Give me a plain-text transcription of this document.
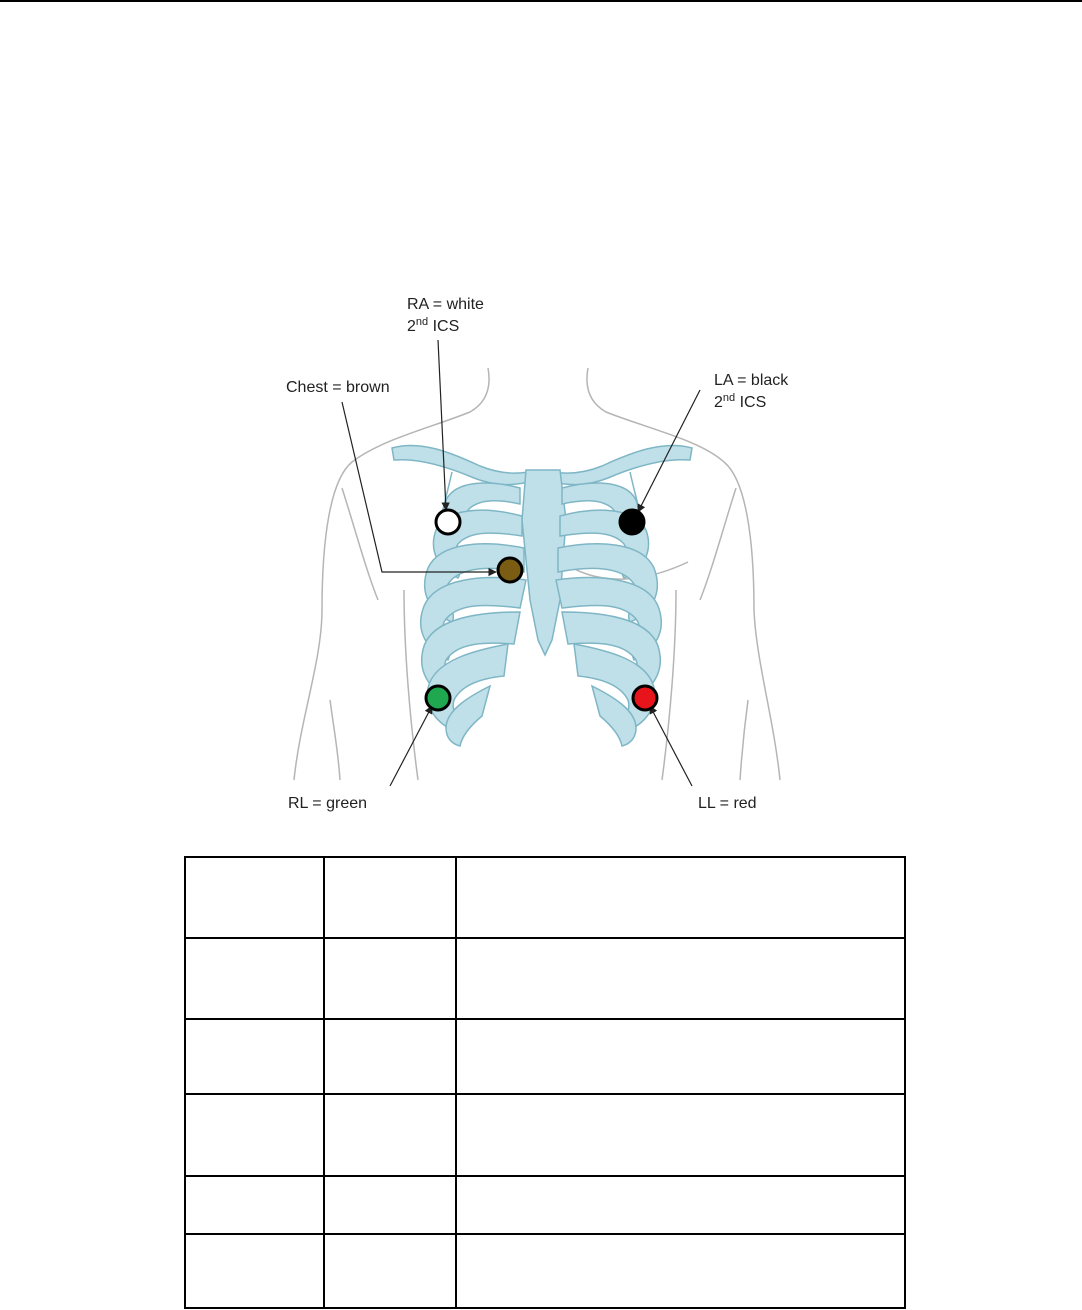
RA = white
2nd ICS
LA = black
2nd ICS
Chest = brown
RL = green	LL = red
